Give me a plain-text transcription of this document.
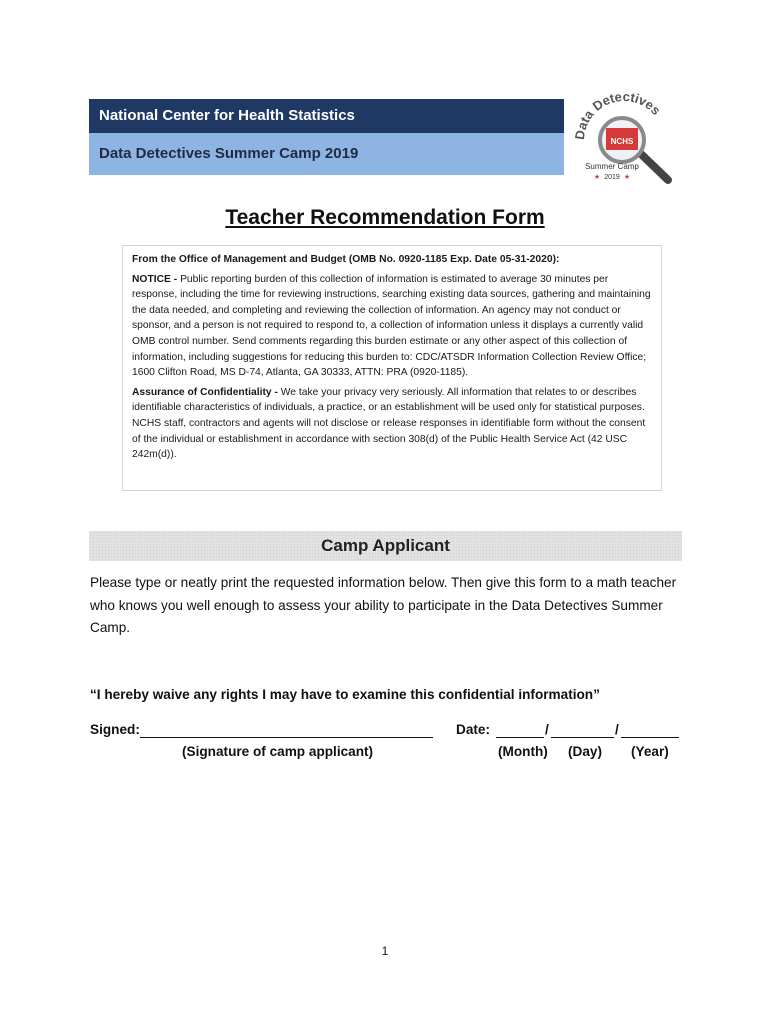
National Center for Health Statistics
Data Detectives Summer Camp 2019
Data Detectives
NCHS
Summer Camp
2019
★	★
Teacher Recommendation Form

From the Office of Management and Budget (OMB No. 0920-1185 Exp. Date 05-31-2020):

NOTICE - Public reporting burden of this collection of information is estimated to average 30 minutes per response, including the time for reviewing instructions, searching existing data sources, gathering and maintaining the data needed, and completing and reviewing the collection of information. An agency may not conduct or sponsor, and a person is not required to respond to, a collection of information unless it displays a currently valid OMB control number. Send comments regarding this burden estimate or any other aspect of this collection of information, including suggestions for reducing this burden to: CDC/ATSDR Information Collection Review Office; 1600 Clifton Road, MS D-74, Atlanta, GA 30333, ATTN: PRA (0920-1185).

Assurance of Confidentiality - We take your privacy very seriously. All information that relates to or describes identifiable characteristics of individuals, a practice, or an establishment will be used only for statistical purposes. NCHS staff, contractors and agents will not disclose or release responses in identifiable form without the consent of the individual or establishment in accordance with section 308(d) of the Public Health Service Act (42 USC 242m(d)).

Camp Applicant
Please type or neatly print the requested information below. Then give this form to a math teacher who knows you well enough to assess your ability to participate in the Data Detectives Summer Camp.
“I hereby waive any rights I may have to examine this confidential information”
Signed:	Date:	/	/
(Signature of camp applicant)	(Month) (Day) (Year)
1
